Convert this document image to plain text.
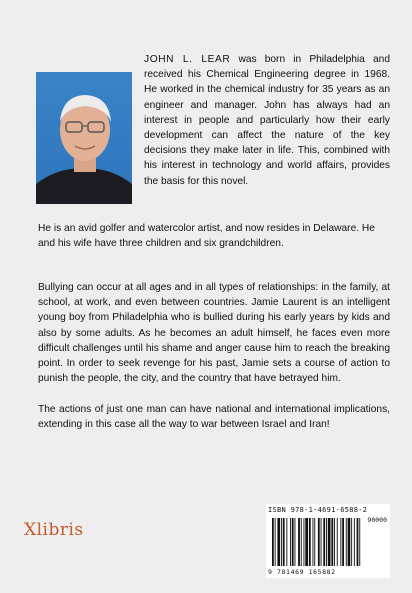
JOHN L. LEAR was born in Philadelphia and received his Chemical Engineering degree in 1968. He worked in the chemical industry for 35 years as an engineer and manager. John has always had an interest in people and particularly how their early development can affect the nature of the key decisions they make later in life. This, combined with his interest in technology and world affairs, provides the basis for this novel.
He is an avid golfer and watercolor artist, and now resides in Delaware. He and his wife have three children and six grandchildren.
Bullying can occur at all ages and in all types of relationships: in the family, at school, at work, and even between countries. Jamie Laurent is an intelligent young boy from Philadelphia who is bullied during his early years by kids and also by some adults. As he becomes an adult himself, he faces even more difficult challenges until his shame and anger cause him to reach the breaking point. In order to seek revenge for his past, Jamie sets a course of action to punish the people, the city, and the country that have betrayed him.
The actions of just one man can have national and international implications, extending in this case all the way to war between Israel and Iran!
Xlibris
ISBN 978-1-4691-6588-2
90000
9 781469 165882
